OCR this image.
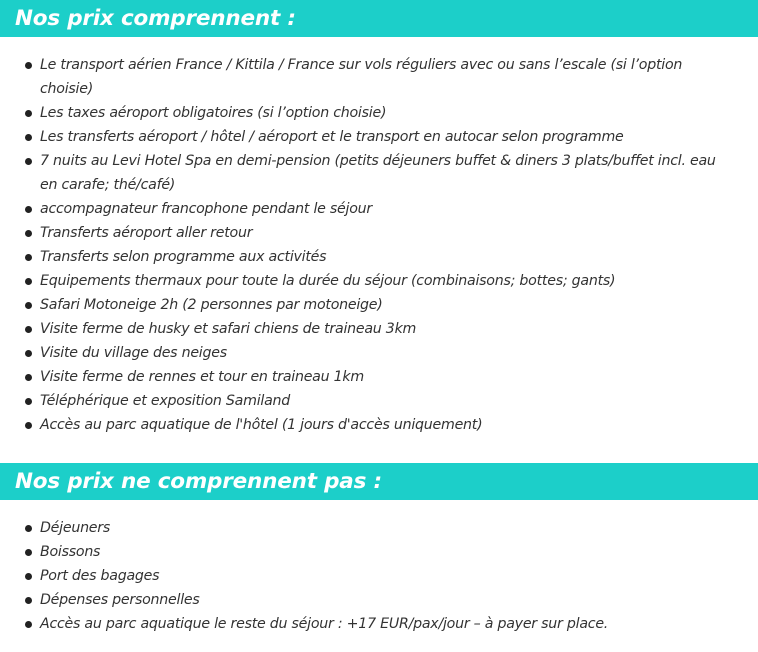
Nos prix comprennent :
Le transport aérien France / Kittila / France sur vols réguliers avec ou sans l’escale (si l’option choisie)
Les taxes aéroport obligatoires (si l’option choisie)
Les transferts aéroport / hôtel / aéroport et le transport en autocar selon programme
7 nuits au Levi Hotel Spa en demi-pension (petits déjeuners buffet & diners 3 plats/buffet incl. eau en carafe; thé/café)
accompagnateur francophone pendant le séjour
Transferts aéroport aller retour
Transferts selon programme aux activités
Equipements thermaux pour toute la durée du séjour (combinaisons; bottes; gants)
Safari Motoneige 2h (2 personnes par motoneige)
Visite ferme de husky et safari chiens de traineau 3km
Visite du village des neiges
Visite ferme de rennes et tour en traineau 1km
Téléphérique et exposition Samiland
Accès au parc aquatique de l'hôtel (1 jours d'accès uniquement)
Nos prix ne comprennent pas :
Déjeuners
Boissons
Port des bagages
Dépenses personnelles
Accès au parc aquatique le reste du séjour : +17 EUR/pax/jour – à payer sur place.
